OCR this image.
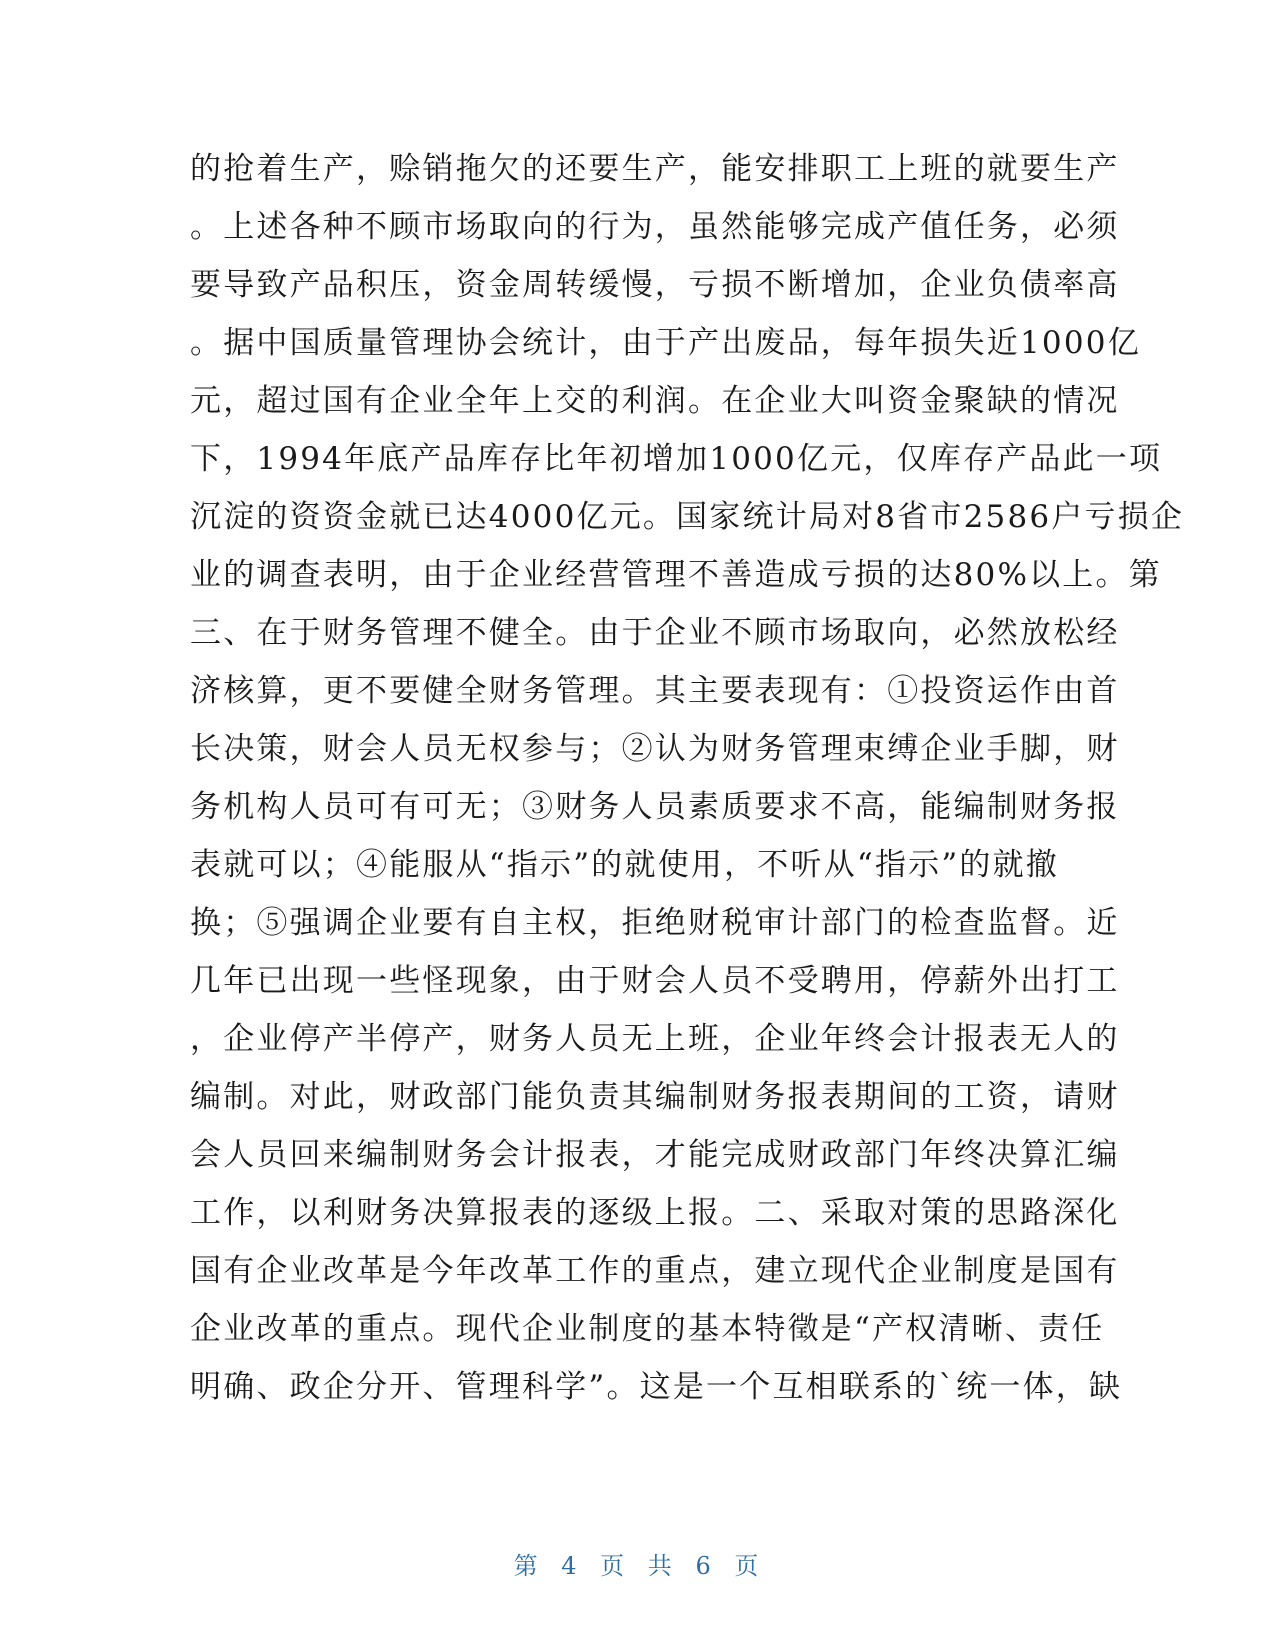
的抢着生产，赊销拖欠的还要生产，能安排职工上班的就要生产
。上述各种不顾市场取向的行为，虽然能够完成产值任务，必须
要导致产品积压，资金周转缓慢，亏损不断增加，企业负债率高
。据中国质量管理协会统计，由于产出废品，每年损失近1000亿
元，超过国有企业全年上交的利润。在企业大叫资金聚缺的情况
下，1994年底产品库存比年初增加1000亿元，仅库存产品此一项
沉淀的资资金就已达4000亿元。国家统计局对8省市2586户亏损企
业的调查表明，由于企业经营管理不善造成亏损的达80%以上。第
三、在于财务管理不健全。由于企业不顾市场取向，必然放松经
济核算，更不要健全财务管理。其主要表现有：①投资运作由首
长决策，财会人员无权参与；②认为财务管理束缚企业手脚，财
务机构人员可有可无；③财务人员素质要求不高，能编制财务报
表就可以；④能服从“指示”的就使用，不听从“指示”的就撤
换；⑤强调企业要有自主权，拒绝财税审计部门的检查监督。近
几年已出现一些怪现象，由于财会人员不受聘用，停薪外出打工
，企业停产半停产，财务人员无上班，企业年终会计报表无人的
编制。对此，财政部门能负责其编制财务报表期间的工资，请财
会人员回来编制财务会计报表，才能完成财政部门年终决算汇编
工作，以利财务决算报表的逐级上报。二、采取对策的思路深化
国有企业改革是今年改革工作的重点，建立现代企业制度是国有
企业改革的重点。现代企业制度的基本特徵是“产权清晰、责任
明确、政企分开、管理科学”。这是一个互相联系的`统一体，缺
第 4 页 共 6 页
